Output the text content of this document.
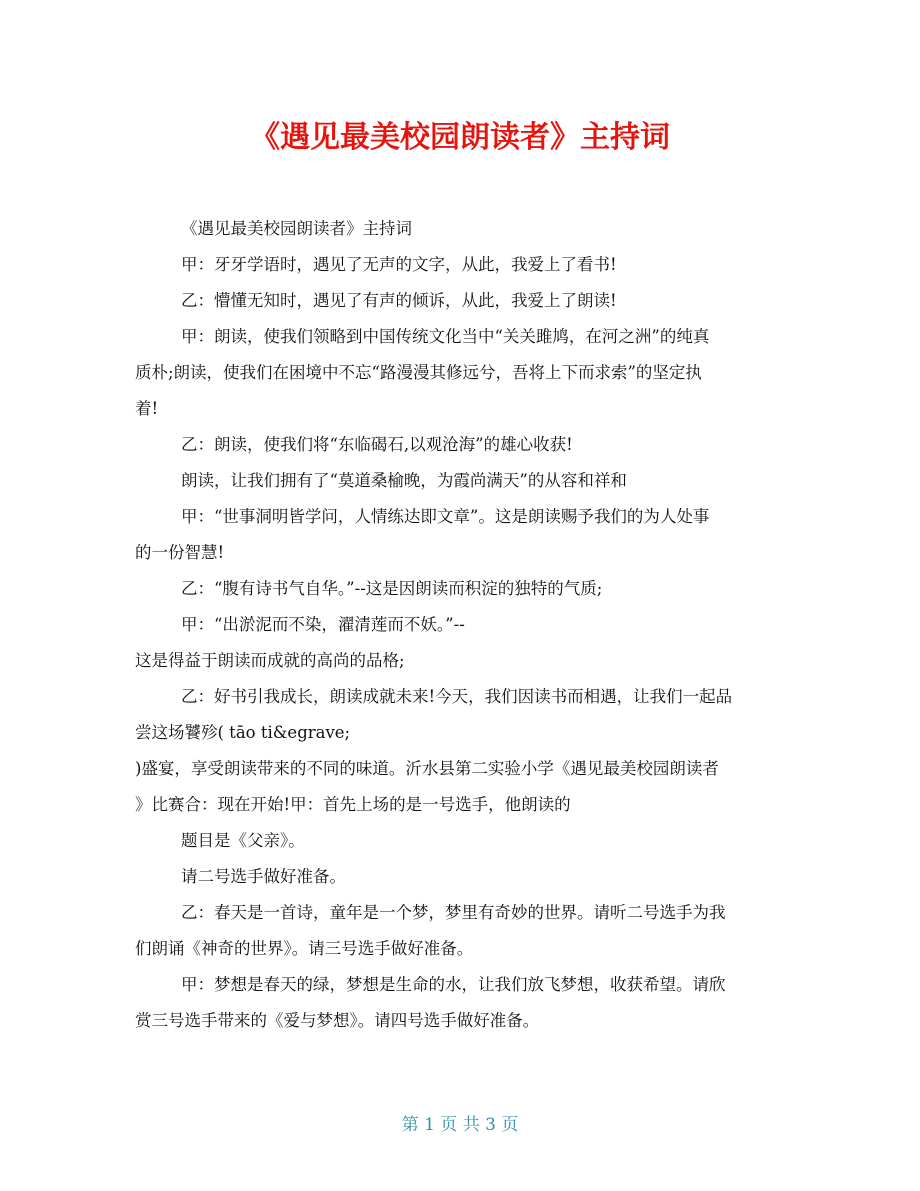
《遇见最美校园朗读者》主持词

《遇见最美校园朗读者》主持词

甲：牙牙学语时，遇见了无声的文字，从此，我爱上了看书!

乙：懵懂无知时，遇见了有声的倾诉，从此，我爱上了朗读!

甲：朗读，使我们领略到中国传统文化当中“关关雎鸠，在河之洲”的纯真

质朴;朗读，使我们在困境中不忘“路漫漫其修远兮，吾将上下而求索”的坚定执

着!

乙：朗读，使我们将“东临碣石,以观沧海”的雄心收获!

朗读，让我们拥有了“莫道桑榆晚，为霞尚满天”的从容和祥和

甲：“世事洞明皆学问，人情练达即文章”。这是朗读赐予我们的为人处事

的一份智慧!

乙：“腹有诗书气自华。”--这是因朗读而积淀的独特的气质;

甲：“出淤泥而不染，濯清莲而不妖。”--

这是得益于朗读而成就的高尚的品格;

乙：好书引我成长，朗读成就未来!今天，我们因读书而相遇，让我们一起品

尝这场饕殄( tāo ti&egrave;

)盛宴，享受朗读带来的不同的味道。沂水县第二实验小学《遇见最美校园朗读者

》比赛合：现在开始!甲：首先上场的是一号选手，他朗读的

题目是《父亲》。

请二号选手做好准备。

乙：春天是一首诗，童年是一个梦，梦里有奇妙的世界。请听二号选手为我

们朗诵《神奇的世界》。请三号选手做好准备。

甲：梦想是春天的绿，梦想是生命的水，让我们放飞梦想，收获希望。请欣

赏三号选手带来的《爱与梦想》。请四号选手做好准备。

第 1 页 共 3 页
